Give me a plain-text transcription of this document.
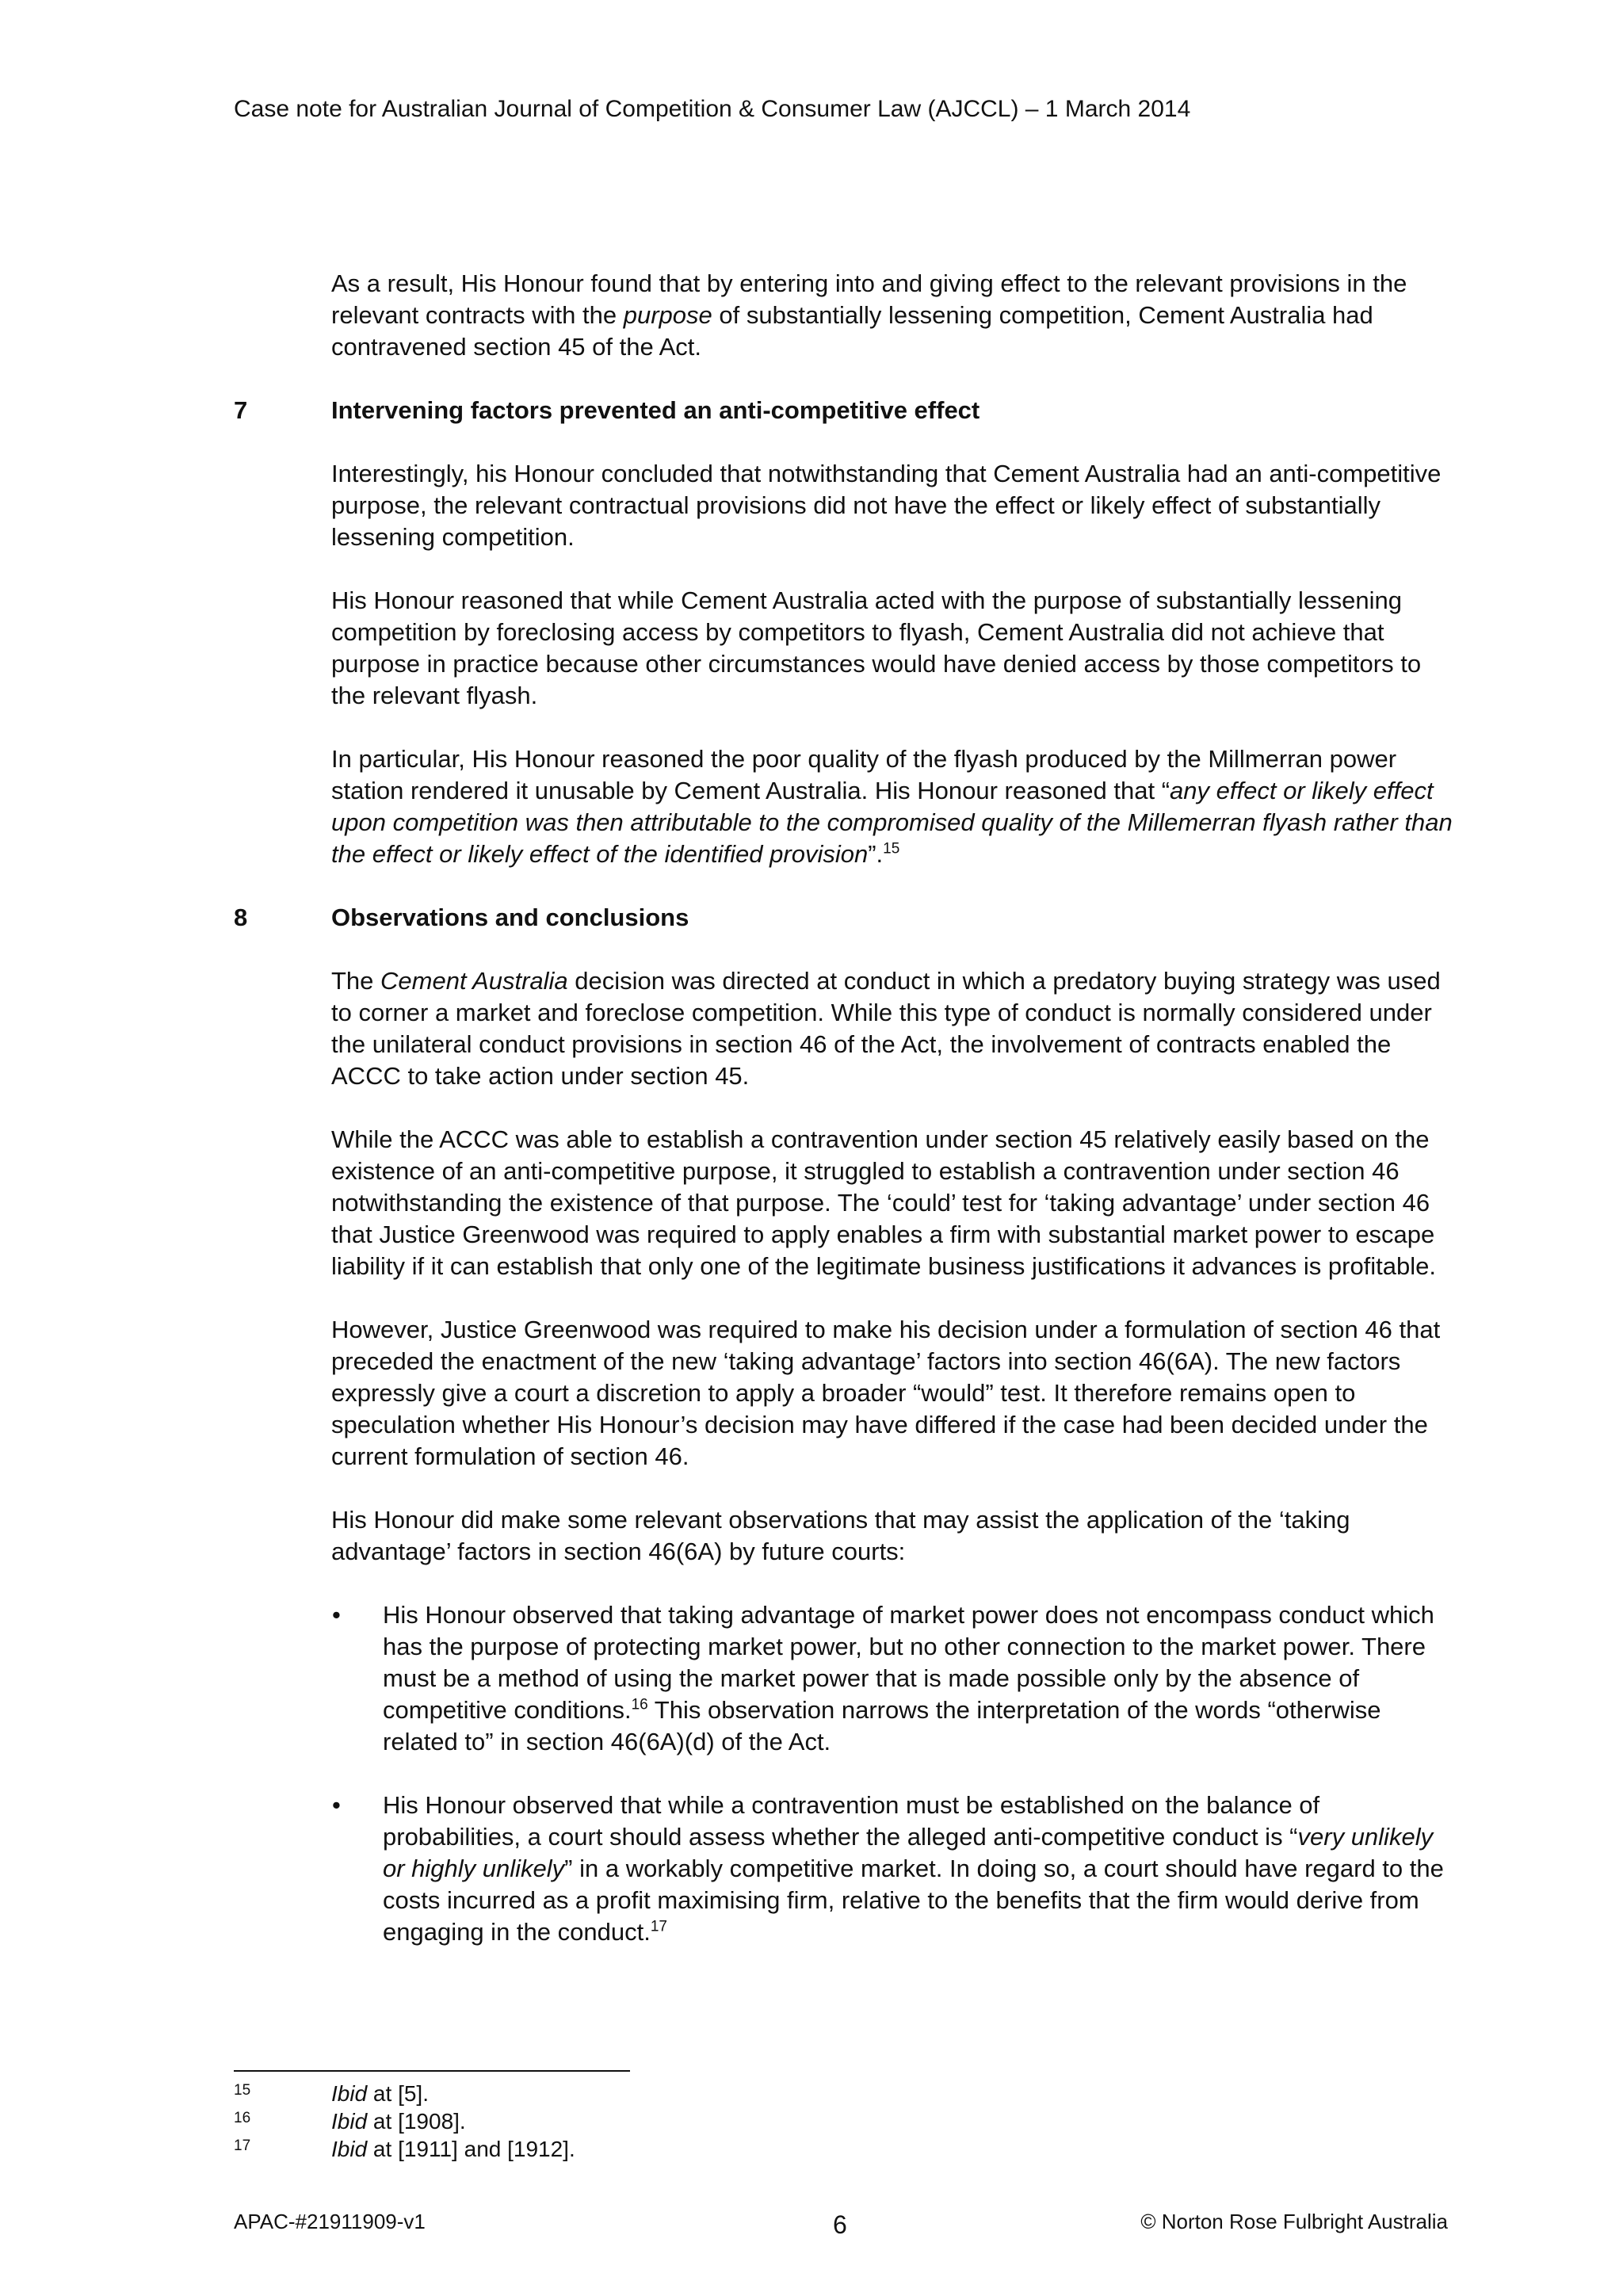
Case note for Australian Journal of Competition & Consumer Law (AJCCL) – 1 March 2014

As a result, His Honour found that by entering into and giving effect to the relevant provisions in the relevant contracts with the purpose of substantially lessening competition, Cement Australia had contravened section 45 of the Act.

7	Intervening factors prevented an anti-competitive effect

Interestingly, his Honour concluded that notwithstanding that Cement Australia had an anti-competitive purpose, the relevant contractual provisions did not have the effect or likely effect of substantially lessening competition.

His Honour reasoned that while Cement Australia acted with the purpose of substantially lessening competition by foreclosing access by competitors to flyash, Cement Australia did not achieve that purpose in practice because other circumstances would have denied access by those competitors to the relevant flyash.

In particular, His Honour reasoned the poor quality of the flyash produced by the Millmerran power station rendered it unusable by Cement Australia. His Honour reasoned that “any effect or likely effect upon competition was then attributable to the compromised quality of the Millemerran flyash rather than the effect or likely effect of the identified provision”.$^{15}$

8	Observations and conclusions

The Cement Australia decision was directed at conduct in which a predatory buying strategy was used to corner a market and foreclose competition. While this type of conduct is normally considered under the unilateral conduct provisions in section 46 of the Act, the involvement of contracts enabled the ACCC to take action under section 45.

While the ACCC was able to establish a contravention under section 45 relatively easily based on the existence of an anti-competitive purpose, it struggled to establish a contravention under section 46 notwithstanding the existence of that purpose. The ‘could’ test for ‘taking advantage’ under section 46 that Justice Greenwood was required to apply enables a firm with substantial market power to escape liability if it can establish that only one of the legitimate business justifications it advances is profitable.

However, Justice Greenwood was required to make his decision under a formulation of section 46 that preceded the enactment of the new ‘taking advantage’ factors into section 46(6A). The new factors expressly give a court a discretion to apply a broader “would” test. It therefore remains open to speculation whether His Honour’s decision may have differed if the case had been decided under the current formulation of section 46.

His Honour did make some relevant observations that may assist the application of the ‘taking advantage’ factors in section 46(6A) by future courts:

• His Honour observed that taking advantage of market power does not encompass conduct which has the purpose of protecting market power, but no other connection to the market power. There must be a method of using the market power that is made possible only by the absence of competitive conditions.$^{16}$ This observation narrows the interpretation of the words “otherwise related to” in section 46(6A)(d) of the Act.

• His Honour observed that while a contravention must be established on the balance of probabilities, a court should assess whether the alleged anti-competitive conduct is “very unlikely or highly unlikely” in a workably competitive market. In doing so, a court should have regard to the costs incurred as a profit maximising firm, relative to the benefits that the firm would derive from engaging in the conduct.$^{17}$

15	Ibid at [5].
16	Ibid at [1908].
17	Ibid at [1911] and [1912].
APAC-#21911909-v1	6	© Norton Rose Fulbright Australia
